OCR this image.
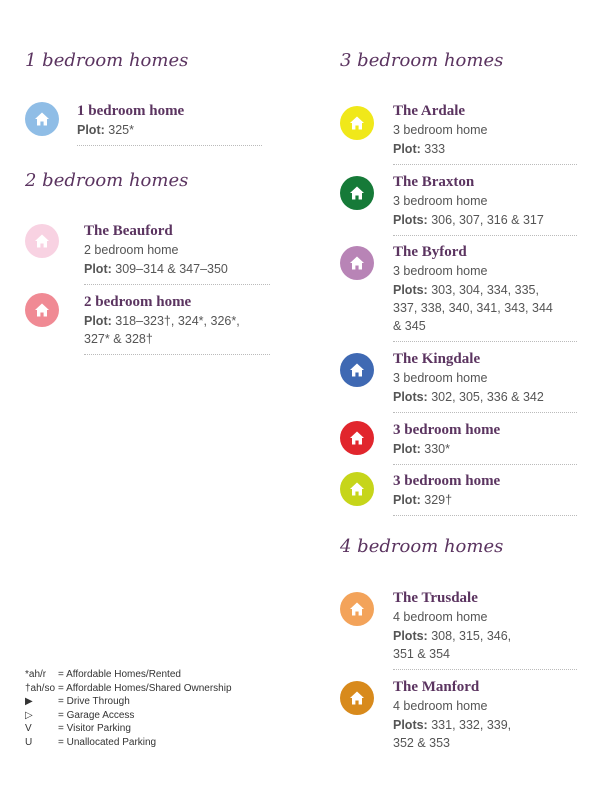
1 bedroom homes
1 bedroom home
Plot: 325*
2 bedroom homes
The Beauford
2 bedroom home
Plot: 309–314 & 347–350
2 bedroom home
Plot: 318–323†, 324*, 326*, 327* & 328†
3 bedroom homes
The Ardale
3 bedroom home
Plot: 333
The Braxton
3 bedroom home
Plots: 306, 307, 316 & 317
The Byford
3 bedroom home
Plots: 303, 304, 334, 335, 337, 338, 340, 341, 343, 344 & 345
The Kingdale
3 bedroom home
Plots: 302, 305, 336 & 342
3 bedroom home
Plot: 330*
3 bedroom home
Plot: 329†
4 bedroom homes
The Trusdale
4 bedroom home
Plots: 308, 315, 346, 351 & 354
The Manford
4 bedroom home
Plots: 331, 332, 339, 352 & 353
*ah/r = Affordable Homes/Rented
†ah/so = Affordable Homes/Shared Ownership
▶	= Drive Through
▷	= Garage Access
V	= Visitor Parking
U	= Unallocated Parking
